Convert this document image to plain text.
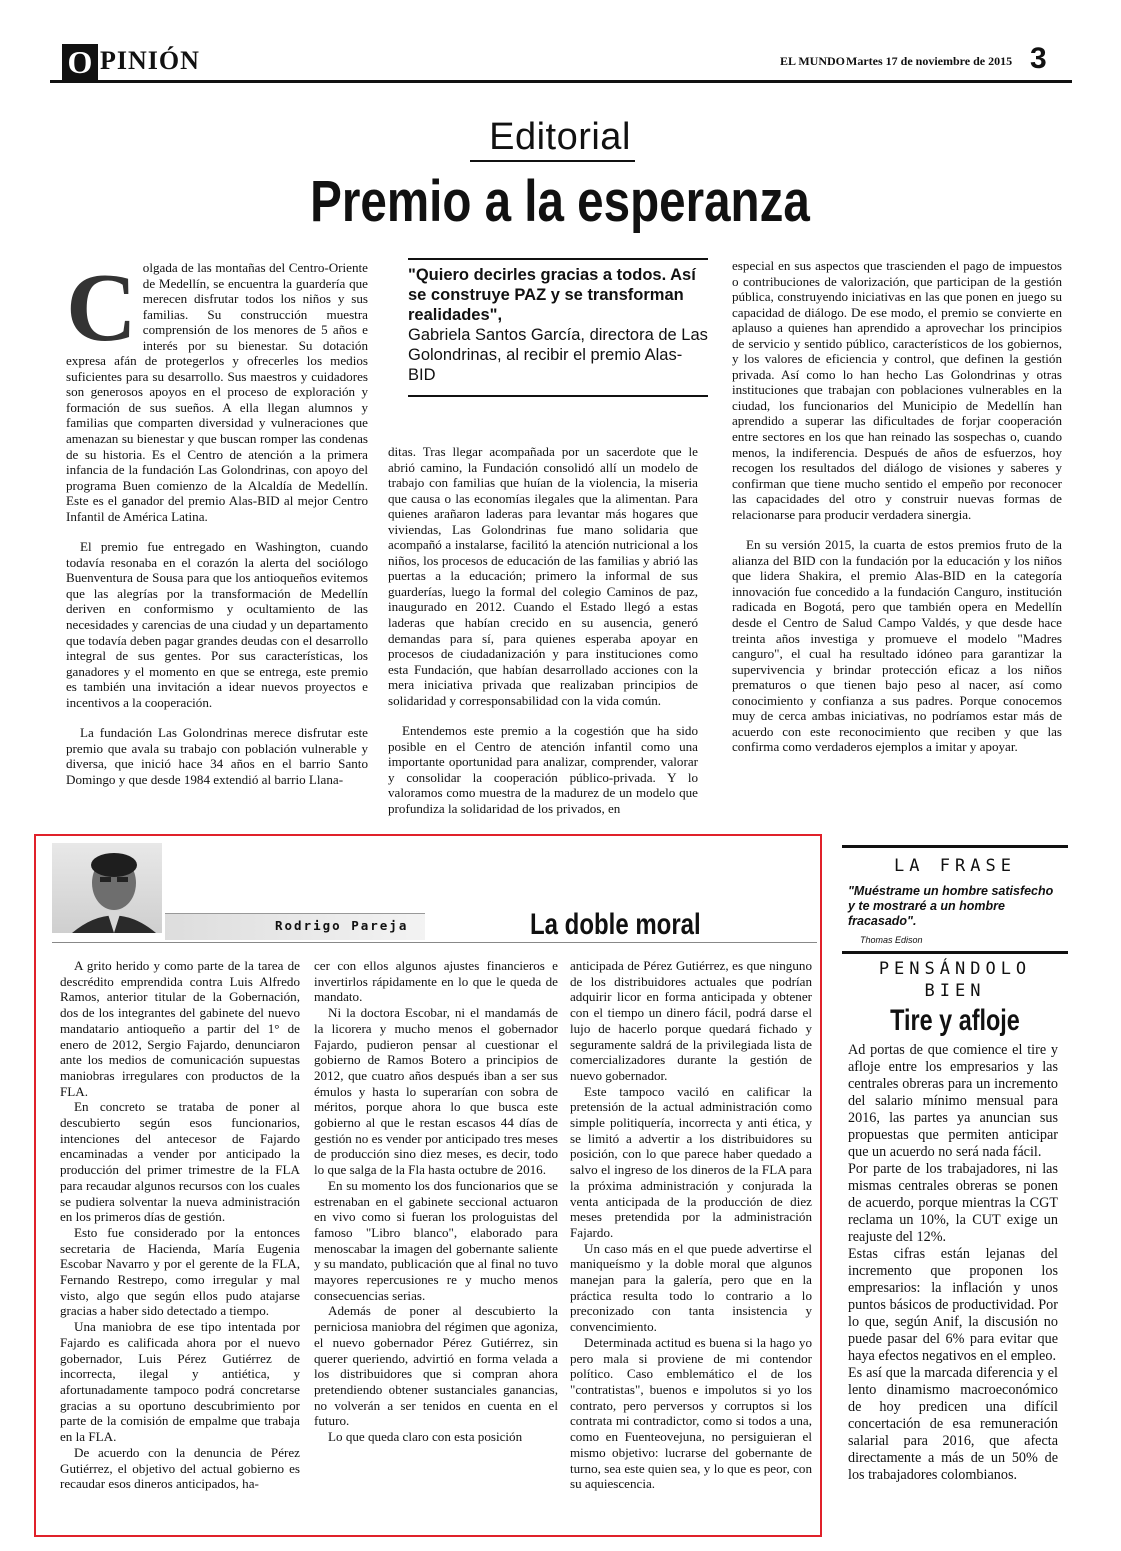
O PINIÓN	EL MUNDO Martes 17 de noviembre de 2015 3
Editorial
Premio a la esperanza
C olgada de las montañas del Centro-Oriente de Medellín, se encuentra la guardería que merecen disfrutar todos los niños y sus familias. Su construcción muestra comprensión de los menores de 5 años e interés por su bienestar. Su dotación expresa afán de protegerlos y ofrecerles los medios suficientes para su desarrollo. Sus maestros y cuidadores son generosos apoyos en el proceso de exploración y formación de sus sueños. A ella llegan alumnos y familias que comparten diversidad y vulneraciones que amenazan su bienestar y que buscan romper las condenas de su historia. Es el Centro de atención a la primera infancia de la fundación Las Golondrinas, con apoyo del programa Buen comienzo de la Alcaldía de Medellín. Este es el ganador del premio Alas-BID al mejor Centro Infantil de América Latina.

El premio fue entregado en Washington, cuando todavía resonaba en el corazón la alerta del sociólogo Buenventura de Sousa para que los antioqueños evitemos que las alegrías por la transformación de Medellín deriven en conformismo y ocultamiento de las necesidades y carencias de una ciudad y un departamento que todavía deben pagar grandes deudas con el desarrollo integral de sus gentes. Por sus características, los ganadores y el momento en que se entrega, este premio es también una invitación a idear nuevos proyectos e incentivos a la cooperación.

La fundación Las Golondrinas merece disfrutar este premio que avala su trabajo con población vulnerable y diversa, que inició hace 34 años en el barrio Santo Domingo y que desde 1984 extendió al barrio Llana-

"Quiero decirles gracias a todos. Así se construye PAZ y se transforman realidades",
Gabriela Santos García, directora de Las Golondrinas, al recibir el premio Alas-BID

ditas. Tras llegar acompañada por un sacerdote que le abrió camino, la Fundación consolidó allí un modelo de trabajo con familias que huían de la violencia, la miseria que causa o las economías ilegales que la alimentan. Para quienes arañaron laderas para levantar más hogares que viviendas, Las Golondrinas fue mano solidaria que acompañó a instalarse, facilitó la atención nutricional a los niños, los procesos de educación de las familias y abrió las puertas a la educación; primero la informal de sus guarderías, luego la formal del colegio Caminos de paz, inaugurado en 2012. Cuando el Estado llegó a estas laderas que habían crecido en su ausencia, generó demandas para sí, para quienes esperaba apoyar en procesos de ciudadanización y para instituciones como esta Fundación, que habían desarrollado acciones con la mera iniciativa privada que realizaban principios de solidaridad y corresponsabilidad con la vida común.

Entendemos este premio a la cogestión que ha sido posible en el Centro de atención infantil como una importante oportunidad para analizar, comprender, valorar y consolidar la cooperación público-privada. Y lo valoramos como muestra de la madurez de un modelo que profundiza la solidaridad de los privados, en

especial en sus aspectos que trascienden el pago de impuestos o contribuciones de valorización, que participan de la gestión pública, construyendo iniciativas en las que ponen en juego su capacidad de diálogo. De ese modo, el premio se convierte en aplauso a quienes han aprendido a aprovechar los principios de servicio y sentido público, característicos de los gobiernos, y los valores de eficiencia y control, que definen la gestión privada. Así como lo han hecho Las Golondrinas y otras instituciones que trabajan con poblaciones vulnerables en la ciudad, los funcionarios del Municipio de Medellín han aprendido a superar las dificultades de forjar cooperación entre sectores en los que han reinado las sospechas o, cuando menos, la indiferencia. Después de años de esfuerzos, hoy recogen los resultados del diálogo de visiones y saberes y confirman que tiene mucho sentido el empeño por reconocer las capacidades del otro y construir nuevas formas de relacionarse para producir verdadera sinergia.

En su versión 2015, la cuarta de estos premios fruto de la alianza del BID con la fundación por la educación y los niños que lidera Shakira, el premio Alas-BID en la categoría innovación fue concedido a la fundación Canguro, institución radicada en Bogotá, pero que también opera en Medellín desde el Centro de Salud Campo Valdés, y que desde hace treinta años investiga y promueve el modelo "Madres canguro", el cual ha resultado idóneo para garantizar la supervivencia y brindar protección eficaz a los niños prematuros o que tienen bajo peso al nacer, así como conocimiento y confianza a sus padres. Porque conocemos muy de cerca ambas iniciativas, no podríamos estar más de acuerdo con este reconocimiento que reciben y que las confirma como verdaderos ejemplos a imitar y apoyar.

Rodrigo Pareja	La doble moral

A grito herido y como parte de la tarea de descrédito emprendida contra Luis Alfredo Ramos, anterior titular de la Gobernación, dos de los integrantes del gabinete del nuevo mandatario antioqueño a partir del 1° de enero de 2012, Sergio Fajardo, denunciaron ante los medios de comunicación supuestas maniobras irregulares con productos de la FLA.

En concreto se trataba de poner al descubierto según esos funcionarios, intenciones del antecesor de Fajardo encaminadas a vender por anticipado la producción del primer trimestre de la FLA para recaudar algunos recursos con los cuales se pudiera solventar la nueva administración en los primeros días de gestión.

Esto fue considerado por la entonces secretaria de Hacienda, María Eugenia Escobar Navarro y por el gerente de la FLA, Fernando Restrepo, como irregular y mal visto, algo que según ellos pudo atajarse gracias a haber sido detectado a tiempo.

Una maniobra de ese tipo intentada por Fajardo es calificada ahora por el nuevo gobernador, Luis Pérez Gutiérrez de incorrecta, ilegal y antiética, y afortunadamente tampoco podrá concretarse gracias a su oportuno descubrimiento por parte de la comisión de empalme que trabaja en la FLA.

De acuerdo con la denuncia de Pérez Gutiérrez, el objetivo del actual gobierno es recaudar esos dineros anticipados, ha-

cer con ellos algunos ajustes financieros e invertirlos rápidamente en lo que le queda de mandato.

Ni la doctora Escobar, ni el mandamás de la licorera y mucho menos el gobernador Fajardo, pudieron pensar al cuestionar el gobierno de Ramos Botero a principios de 2012, que cuatro años después iban a ser sus émulos y hasta lo superarían con sobra de méritos, porque ahora lo que busca este gobierno al que le restan escasos 44 días de gestión no es vender por anticipado tres meses de producción sino diez meses, es decir, todo lo que salga de la Fla hasta octubre de 2016.

En su momento los dos funcionarios que se estrenaban en el gabinete seccional actuaron en vivo como si fueran los prologuistas del famoso "Libro blanco", elaborado para menoscabar la imagen del gobernante saliente y su mandato, publicación que al final no tuvo mayores repercusiones re y mucho menos consecuencias serias.

Además de poner al descubierto la perniciosa maniobra del régimen que agoniza, el nuevo gobernador Pérez Gutiérrez, sin querer queriendo, advirtió en forma velada a los distribuidores que si compran ahora pretendiendo obtener sustanciales ganancias, no volverán a ser tenidos en cuenta en el futuro.

Lo que queda claro con esta posición

anticipada de Pérez Gutiérrez, es que ninguno de los distribuidores actuales que podrían adquirir licor en forma anticipada y obtener con el tiempo un dinero fácil, podrá darse el lujo de hacerlo porque quedará fichado y seguramente saldrá de la privilegiada lista de comercializadores durante la gestión de nuevo gobernador.

Este tampoco vaciló en calificar la pretensión de la actual administración como simple politiquería, incorrecta y anti ética, y se limitó a advertir a los distribuidores su posición, con lo que parece haber quedado a salvo el ingreso de los dineros de la FLA para la próxima administración y conjurada la venta anticipada de la producción de diez meses pretendida por la administración Fajardo.

Un caso más en el que puede advertirse el maniqueísmo y la doble moral que algunos manejan para la galería, pero que en la práctica resulta todo lo contrario a lo preconizado con tanta insistencia y convencimiento.

Determinada actitud es buena si la hago yo pero mala si proviene de mi contendor político. Caso emblemático el de los "contratistas", buenos e impolutos si yo los contrato, pero perversos y corruptos si los contrata mi contradictor, como si todos a una, como en Fuenteovejuna, no persiguieran el mismo objetivo: lucrarse del gobernante de turno, sea este quien sea, y lo que es peor, con su aquiescencia.

LA FRASE
"Muéstrame un hombre satisfecho y te mostraré a un hombre fracasado".
Thomas Edison
PENSÁNDOLO
BIEN
Tire y afloje

Ad portas de que comience el tire y afloje entre los empresarios y las centrales obreras para un incremento del salario mínimo mensual para 2016, las partes ya anuncian sus propuestas que permiten anticipar que un acuerdo no será nada fácil.

Por parte de los trabajadores, ni las mismas centrales obreras se ponen de acuerdo, porque mientras la CGT reclama un 10%, la CUT exige un reajuste del 12%.

Estas cifras están lejanas del incremento que proponen los empresarios: la inflación y unos puntos básicos de productividad. Por lo que, según Anif, la discusión no puede pasar del 6% para evitar que haya efectos negativos en el empleo.

Es así que la marcada diferencia y el lento dinamismo macroeconómico de hoy predicen una difícil concertación de esa remuneración salarial para 2016, que afecta directamente a más de un 50% de los trabajadores colombianos.
